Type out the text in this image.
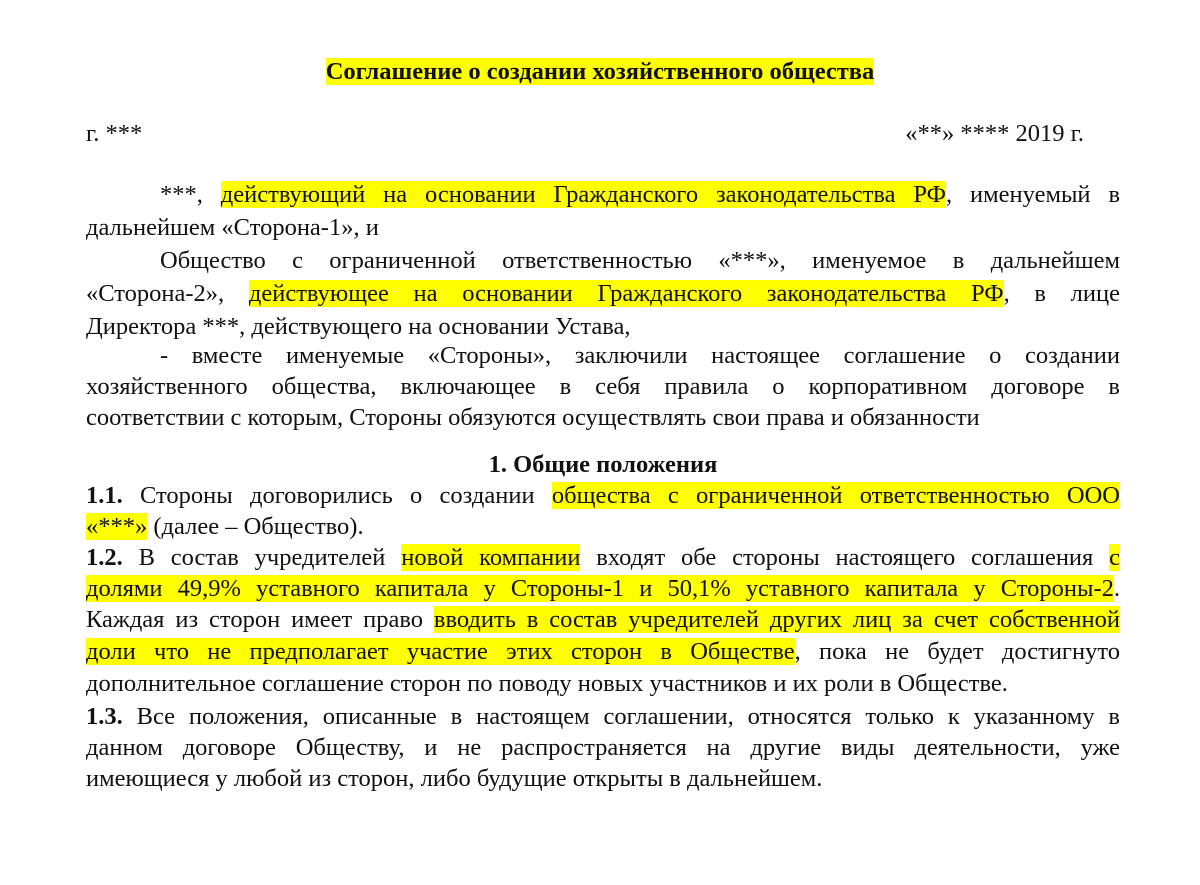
Соглашение о создании хозяйственного общества
г. ***	«**» **** 2019 г.
***, действующий на основании Гражданского законодательства РФ, именуемый в
дальнейшем «Сторона-1», и
Общество с ограниченной ответственностью «***», именуемое в дальнейшем
«Сторона-2», действующее на основании Гражданского законодательства РФ, в лице
Директора ***, действующего на основании Устава,
- вместе именуемые «Стороны», заключили настоящее соглашение о создании
хозяйственного общества, включающее в себя правила о корпоративном договоре в
соответствии с которым, Стороны обязуются осуществлять свои права и обязанности
1. Общие положения
1.1. Стороны договорились о создании общества с ограниченной ответственностью ООО
«***» (далее – Общество).
1.2. В состав учредителей новой компании входят обе стороны настоящего соглашения с
долями 49,9% уставного капитала у Стороны-1 и 50,1% уставного капитала у Стороны-2.
Каждая из сторон имеет право вводить в состав учредителей других лиц за счет собственной
доли что не предполагает участие этих сторон в Обществе, пока не будет достигнуто
дополнительное соглашение сторон по поводу новых участников и их роли в Обществе.
1.3. Все положения, описанные в настоящем соглашении, относятся только к указанному в
данном договоре Обществу, и не распространяется на другие виды деятельности, уже
имеющиеся у любой из сторон, либо будущие открыты в дальнейшем.
